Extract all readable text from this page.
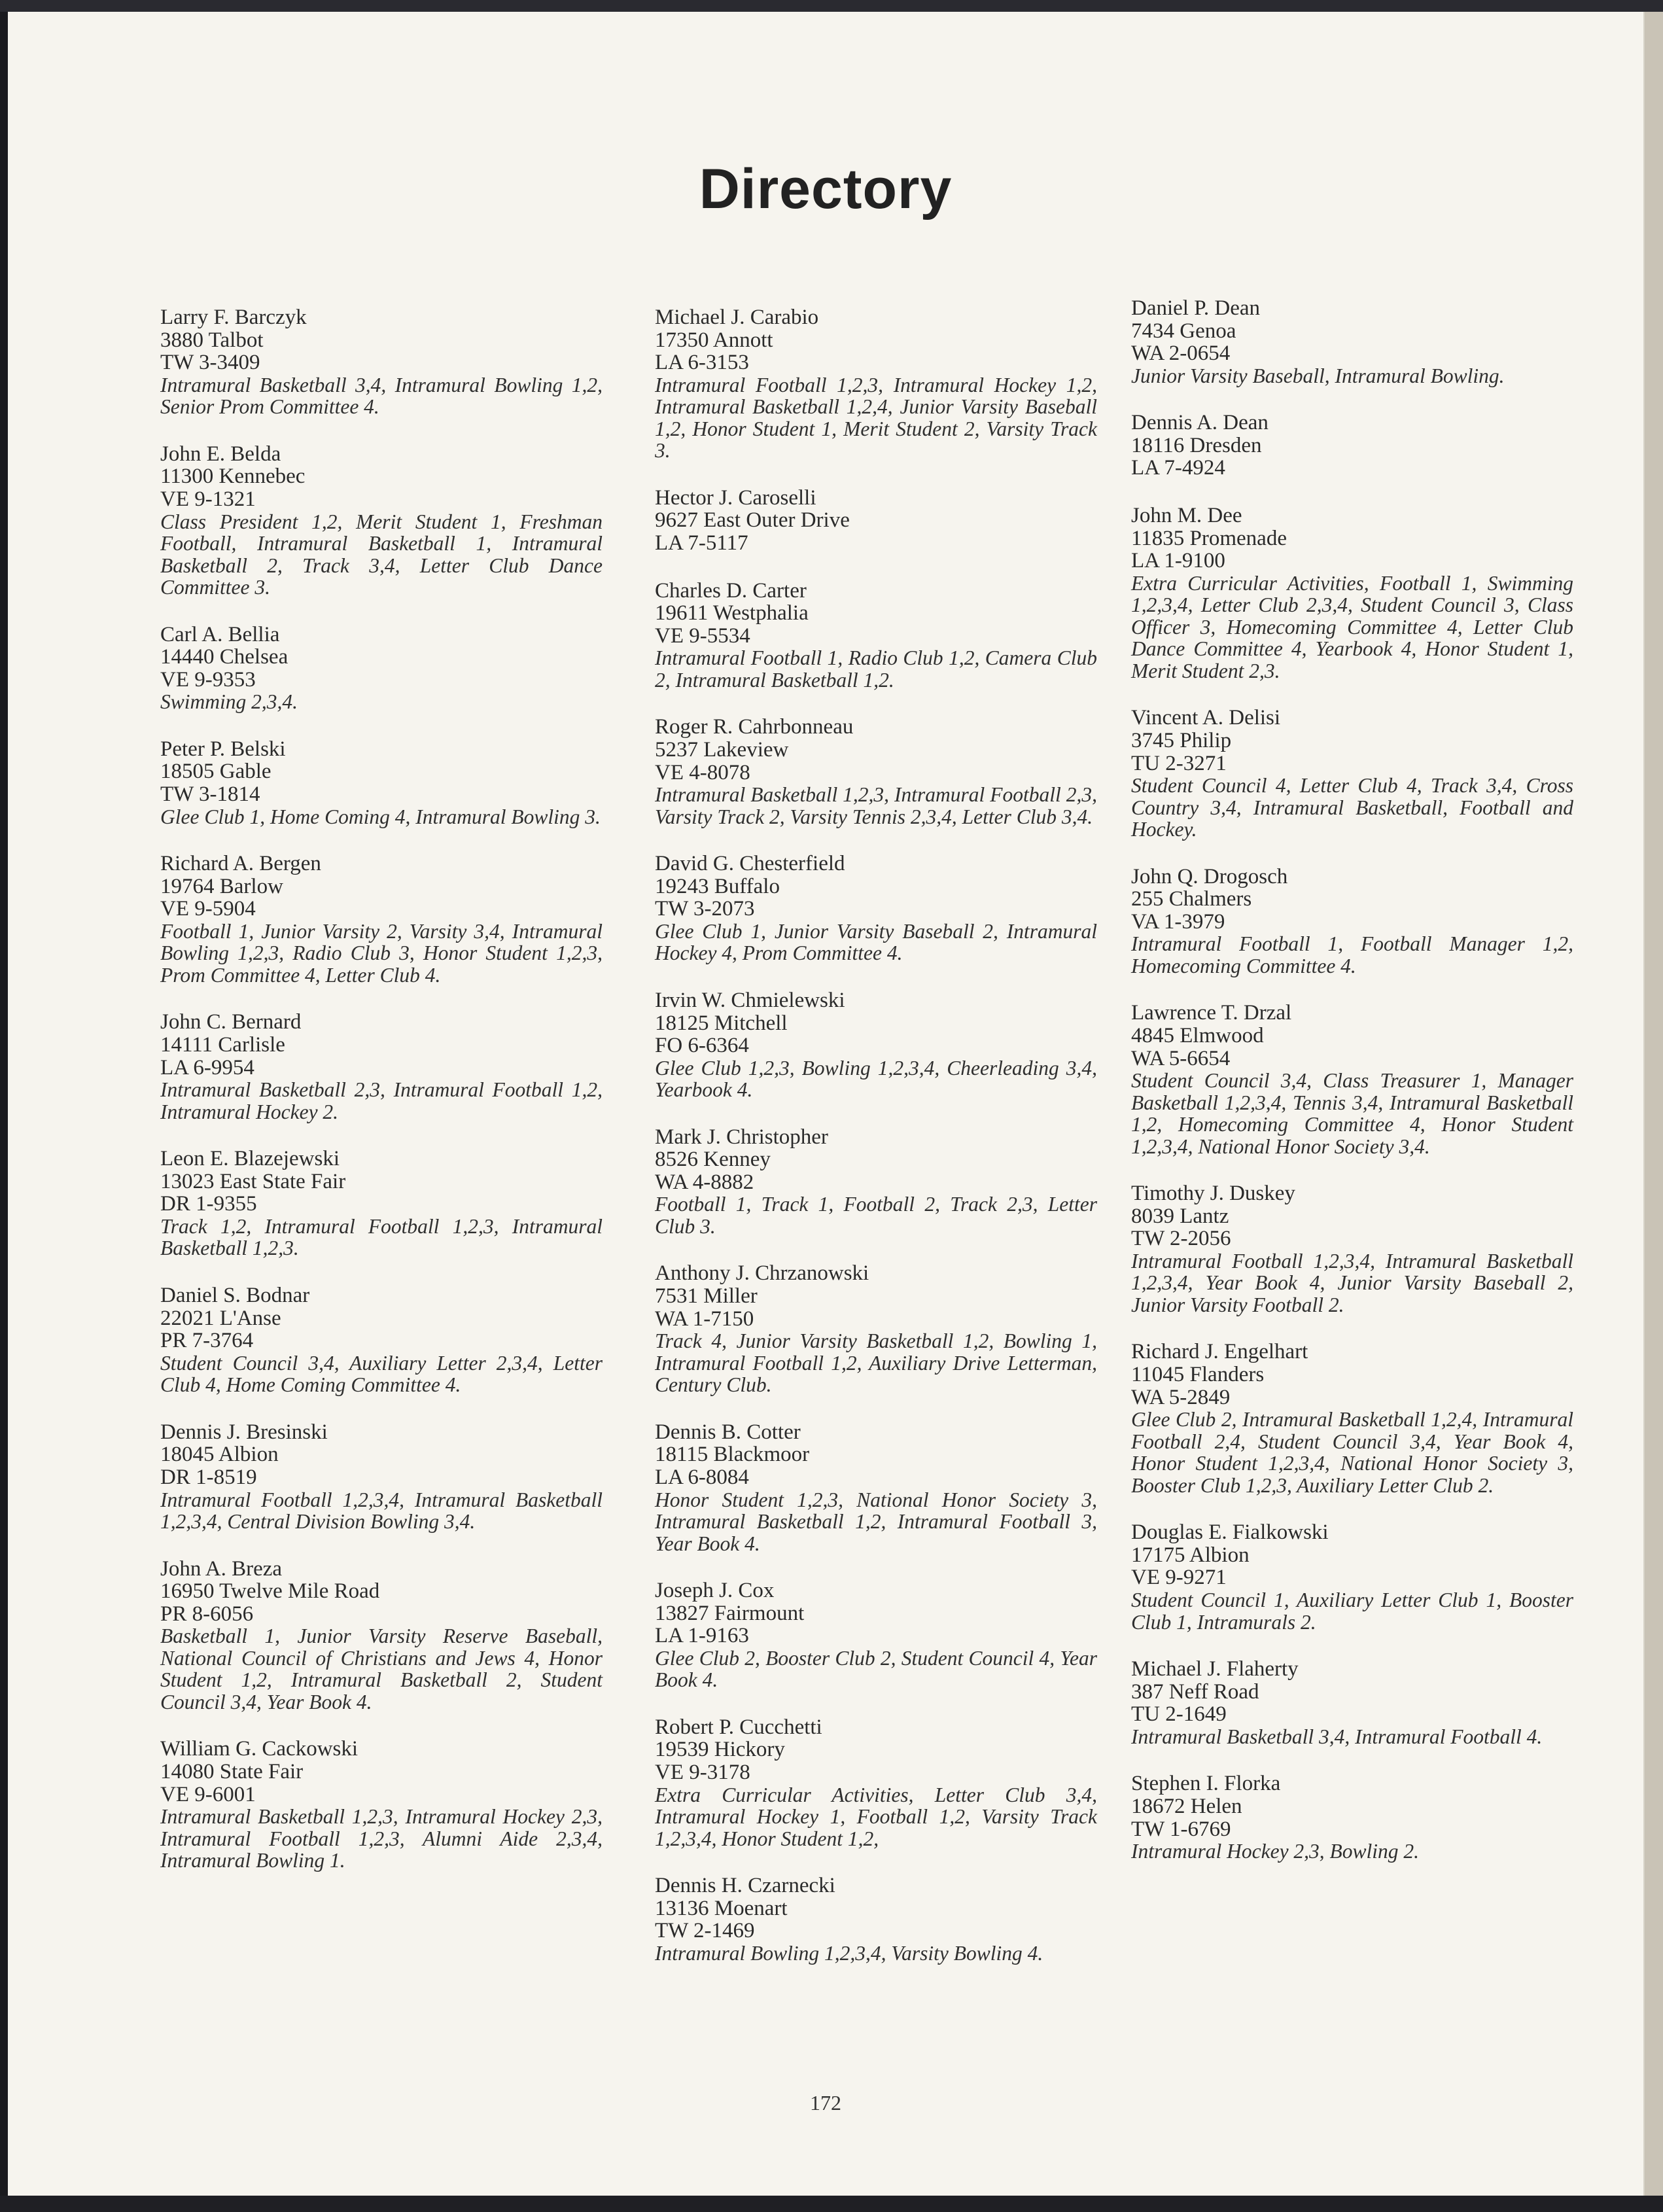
Directory
Larry F. Barczyk
3880 Talbot
TW 3-3409
Intramural Basketball 3,4, Intramural Bowling 1,2, Senior Prom Committee 4.
John E. Belda
11300 Kennebec
VE 9-1321
Class President 1,2, Merit Student 1, Freshman Football, Intramural Basketball 1, Intramural Basketball 2, Track 3,4, Letter Club Dance Committee 3.
Carl A. Bellia
14440 Chelsea
VE 9-9353
Swimming 2,3,4.
Peter P. Belski
18505 Gable
TW 3-1814
Glee Club 1, Home Coming 4, Intramural Bowling 3.
Richard A. Bergen
19764 Barlow
VE 9-5904
Football 1, Junior Varsity 2, Varsity 3,4, Intramural Bowling 1,2,3, Radio Club 3, Honor Student 1,2,3, Prom Committee 4, Letter Club 4.
John C. Bernard
14111 Carlisle
LA 6-9954
Intramural Basketball 2,3, Intramural Football 1,2, Intramural Hockey 2.
Leon E. Blazejewski
13023 East State Fair
DR 1-9355
Track 1,2, Intramural Football 1,2,3, Intramural Basketball 1,2,3.
Daniel S. Bodnar
22021 L'Anse
PR 7-3764
Student Council 3,4, Auxiliary Letter 2,3,4, Letter Club 4, Home Coming Committee 4.
Dennis J. Bresinski
18045 Albion
DR 1-8519
Intramural Football 1,2,3,4, Intramural Basketball 1,2,3,4, Central Division Bowling 3,4.
John A. Breza
16950 Twelve Mile Road
PR 8-6056
Basketball 1, Junior Varsity Reserve Baseball, National Council of Christians and Jews 4, Honor Student 1,2, Intramural Basketball 2, Student Council 3,4, Year Book 4.
William G. Cackowski
14080 State Fair
VE 9-6001
Intramural Basketball 1,2,3, Intramural Hockey 2,3, Intramural Football 1,2,3, Alumni Aide 2,3,4, Intramural Bowling 1.
Michael J. Carabio
17350 Annott
LA 6-3153
Intramural Football 1,2,3, Intramural Hockey 1,2, Intramural Basketball 1,2,4, Junior Varsity Baseball 1,2, Honor Student 1, Merit Student 2, Varsity Track 3.
Hector J. Caroselli
9627 East Outer Drive
LA 7-5117
Charles D. Carter
19611 Westphalia
VE 9-5534
Intramural Football 1, Radio Club 1,2, Camera Club 2, Intramural Basketball 1,2.
Roger R. Cahrbonneau
5237 Lakeview
VE 4-8078
Intramural Basketball 1,2,3, Intramural Football 2,3, Varsity Track 2, Varsity Tennis 2,3,4, Letter Club 3,4.
David G. Chesterfield
19243 Buffalo
TW 3-2073
Glee Club 1, Junior Varsity Baseball 2, Intramural Hockey 4, Prom Committee 4.
Irvin W. Chmielewski
18125 Mitchell
FO 6-6364
Glee Club 1,2,3, Bowling 1,2,3,4, Cheerleading 3,4, Yearbook 4.
Mark J. Christopher
8526 Kenney
WA 4-8882
Football 1, Track 1, Football 2, Track 2,3, Letter Club 3.
Anthony J. Chrzanowski
7531 Miller
WA 1-7150
Track 4, Junior Varsity Basketball 1,2, Bowling 1, Intramural Football 1,2, Auxiliary Drive Letterman, Century Club.
Dennis B. Cotter
18115 Blackmoor
LA 6-8084
Honor Student 1,2,3, National Honor Society 3, Intramural Basketball 1,2, Intramural Football 3, Year Book 4.
Joseph J. Cox
13827 Fairmount
LA 1-9163
Glee Club 2, Booster Club 2, Student Council 4, Year Book 4.
Robert P. Cucchetti
19539 Hickory
VE 9-3178
Extra Curricular Activities, Letter Club 3,4, Intramural Hockey 1, Football 1,2, Varsity Track 1,2,3,4, Honor Student 1,2,
Dennis H. Czarnecki
13136 Moenart
TW 2-1469
Intramural Bowling 1,2,3,4, Varsity Bowling 4.
Daniel P. Dean
7434 Genoa
WA 2-0654
Junior Varsity Baseball, Intramural Bowling.
Dennis A. Dean
18116 Dresden
LA 7-4924
John M. Dee
11835 Promenade
LA 1-9100
Extra Curricular Activities, Football 1, Swimming 1,2,3,4, Letter Club 2,3,4, Student Council 3, Class Officer 3, Homecoming Committee 4, Letter Club Dance Committee 4, Yearbook 4, Honor Student 1, Merit Student 2,3.
Vincent A. Delisi
3745 Philip
TU 2-3271
Student Council 4, Letter Club 4, Track 3,4, Cross Country 3,4, Intramural Basketball, Football and Hockey.
John Q. Drogosch
255 Chalmers
VA 1-3979
Intramural Football 1, Football Manager 1,2, Homecoming Committee 4.
Lawrence T. Drzal
4845 Elmwood
WA 5-6654
Student Council 3,4, Class Treasurer 1, Manager Basketball 1,2,3,4, Tennis 3,4, Intramural Basketball 1,2, Homecoming Committee 4, Honor Student 1,2,3,4, National Honor Society 3,4.
Timothy J. Duskey
8039 Lantz
TW 2-2056
Intramural Football 1,2,3,4, Intramural Basketball 1,2,3,4, Year Book 4, Junior Varsity Baseball 2, Junior Varsity Football 2.
Richard J. Engelhart
11045 Flanders
WA 5-2849
Glee Club 2, Intramural Basketball 1,2,4, Intramural Football 2,4, Student Council 3,4, Year Book 4, Honor Student 1,2,3,4, National Honor Society 3, Booster Club 1,2,3, Auxiliary Letter Club 2.
Douglas E. Fialkowski
17175 Albion
VE 9-9271
Student Council 1, Auxiliary Letter Club 1, Booster Club 1, Intramurals 2.
Michael J. Flaherty
387 Neff Road
TU 2-1649
Intramural Basketball 3,4, Intramural Football 4.
Stephen I. Florka
18672 Helen
TW 1-6769
Intramural Hockey 2,3, Bowling 2.
172
